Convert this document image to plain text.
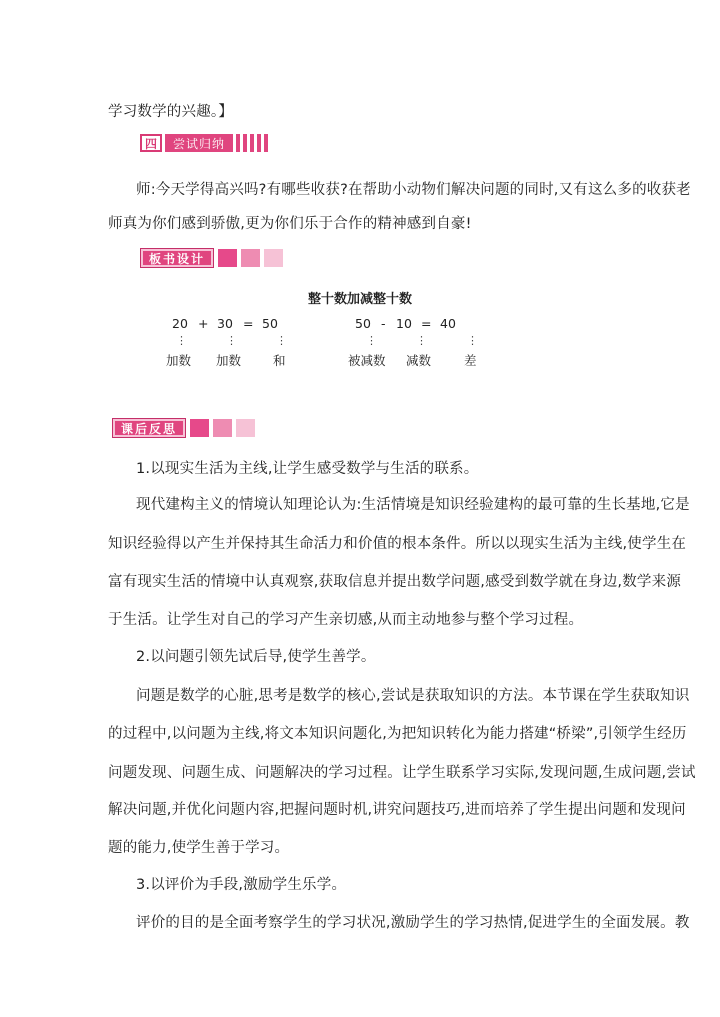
学习数学的兴趣。】
四	尝试归纳
师:今天学得高兴吗?有哪些收获?在帮助小动物们解决问题的同时,又有这么多的收获老
师真为你们感到骄傲,更为你们乐于合作的精神感到自豪!
板书设计
整十数加减整十数
20 + 30 = 50
⋮	⋮	⋮
加数 加数	和
50 - 10 = 40
⋮	⋮	⋮
被减数 减数	差
课后反思
1.以现实生活为主线,让学生感受数学与生活的联系。
现代建构主义的情境认知理论认为:生活情境是知识经验建构的最可靠的生长基地,它是
知识经验得以产生并保持其生命活力和价值的根本条件。所以以现实生活为主线,使学生在
富有现实生活的情境中认真观察,获取信息并提出数学问题,感受到数学就在身边,数学来源
于生活。让学生对自己的学习产生亲切感,从而主动地参与整个学习过程。
2.以问题引领先试后导,使学生善学。
问题是数学的心脏,思考是数学的核心,尝试是获取知识的方法。本节课在学生获取知识
的过程中,以问题为主线,将文本知识问题化,为把知识转化为能力搭建“桥梁”,引领学生经历
问题发现、问题生成、问题解决的学习过程。让学生联系学习实际,发现问题,生成问题,尝试
解决问题,并优化问题内容,把握问题时机,讲究问题技巧,进而培养了学生提出问题和发现问
题的能力,使学生善于学习。
3.以评价为手段,激励学生乐学。
评价的目的是全面考察学生的学习状况,激励学生的学习热情,促进学生的全面发展。教
